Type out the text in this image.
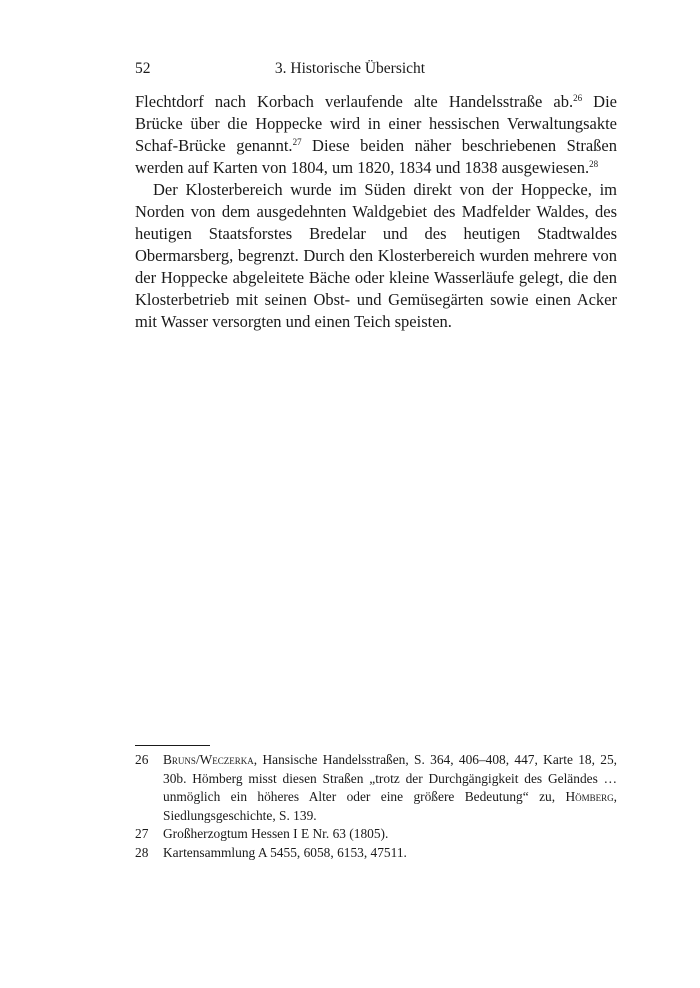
52	3. Historische Übersicht

Flechtdorf nach Korbach verlaufende alte Handelsstraße ab.$^{26}$ Die Brücke über die Hoppecke wird in einer hessischen Verwaltungsakte Schaf-Brücke genannt.$^{27}$ Diese beiden näher beschriebenen Straßen werden auf Karten von 1804, um 1820, 1834 und 1838 ausgewiesen.$^{28}$

Der Klosterbereich wurde im Süden direkt von der Hoppecke, im Norden von dem ausgedehnten Waldgebiet des Madfelder Waldes, des heutigen Staatsforstes Bredelar und des heutigen Stadtwaldes Obermarsberg, begrenzt. Durch den Klosterbereich wurden mehrere von der Hoppecke abgeleitete Bäche oder kleine Wasserläufe gelegt, die den Klosterbetrieb mit seinen Obst- und Gemüsegärten sowie einen Acker mit Wasser versorgten und einen Teich speisten.

26 Bruns/Weczerka, Hansische Handelsstraßen, S. 364, 406–408, 447, Karte 18, 25, 30b. Hömberg misst diesen Straßen „trotz der Durchgängigkeit des Geländes … unmöglich ein höheres Alter oder eine größere Bedeutung“ zu, Hömberg, Siedlungsgeschichte, S. 139.
27 Großherzogtum Hessen I E Nr. 63 (1805).
28 Kartensammlung A 5455, 6058, 6153, 47511.
